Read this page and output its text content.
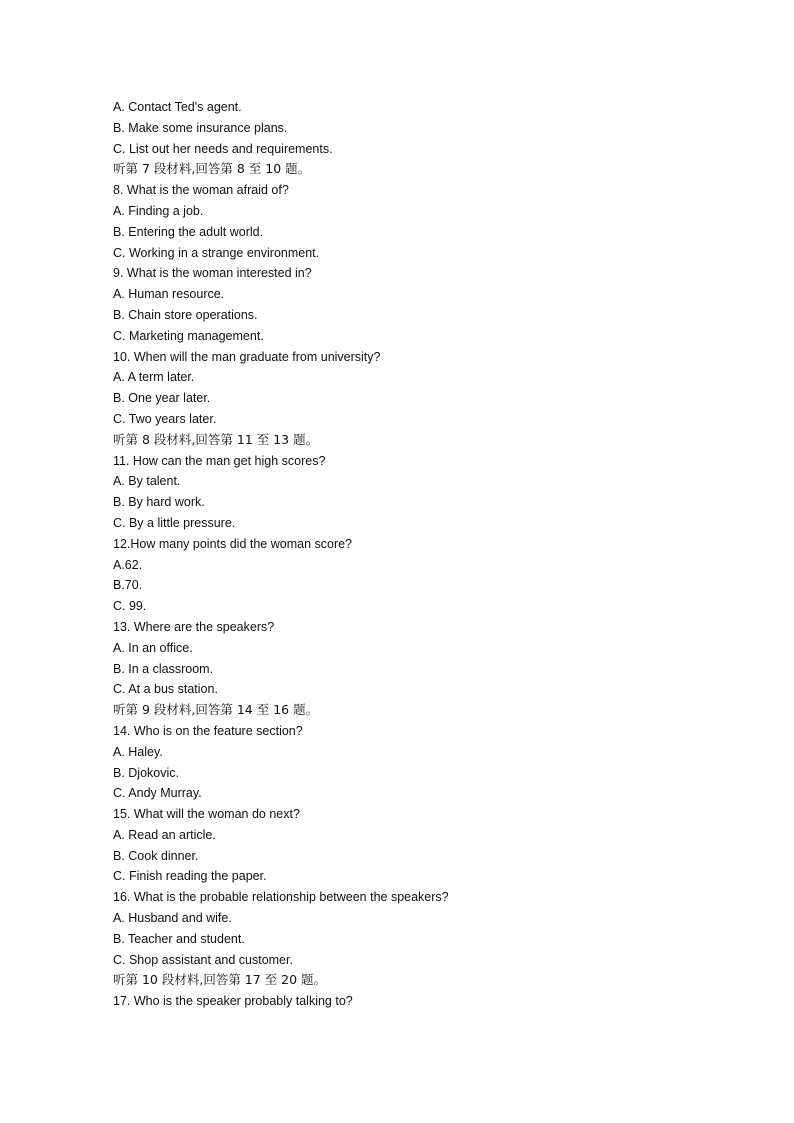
A. Contact Ted's agent.
B. Make some insurance plans.
C. List out her needs and requirements.
听第 7 段材料,回答第 8 至 10 题。
8. What is the woman afraid of?
A. Finding a job.
B. Entering the adult world.
C. Working in a strange environment.
9. What is the woman interested in?
A. Human resource.
B. Chain store operations.
C. Marketing management.
10. When will the man graduate from university?
A. A term later.
B. One year later.
C. Two years later.
听第 8 段材料,回答第 11 至 13 题。
11. How can the man get high scores?
A. By talent.
B. By hard work.
C. By a little pressure.
12.How many points did the woman score?
A.62.
B.70.
C. 99.
13. Where are the speakers?
A. In an office.
B. In a classroom.
C. At a bus station.
听第 9 段材料,回答第 14 至 16 题。
14. Who is on the feature section?
A. Haley.
B. Djokovic.
C. Andy Murray.
15. What will the woman do next?
A. Read an article.
B. Cook dinner.
C. Finish reading the paper.
16. What is the probable relationship between the speakers?
A. Husband and wife.
B. Teacher and student.
C. Shop assistant and customer.
听第 10 段材料,回答第 17 至 20 题。
17. Who is the speaker probably talking to?
